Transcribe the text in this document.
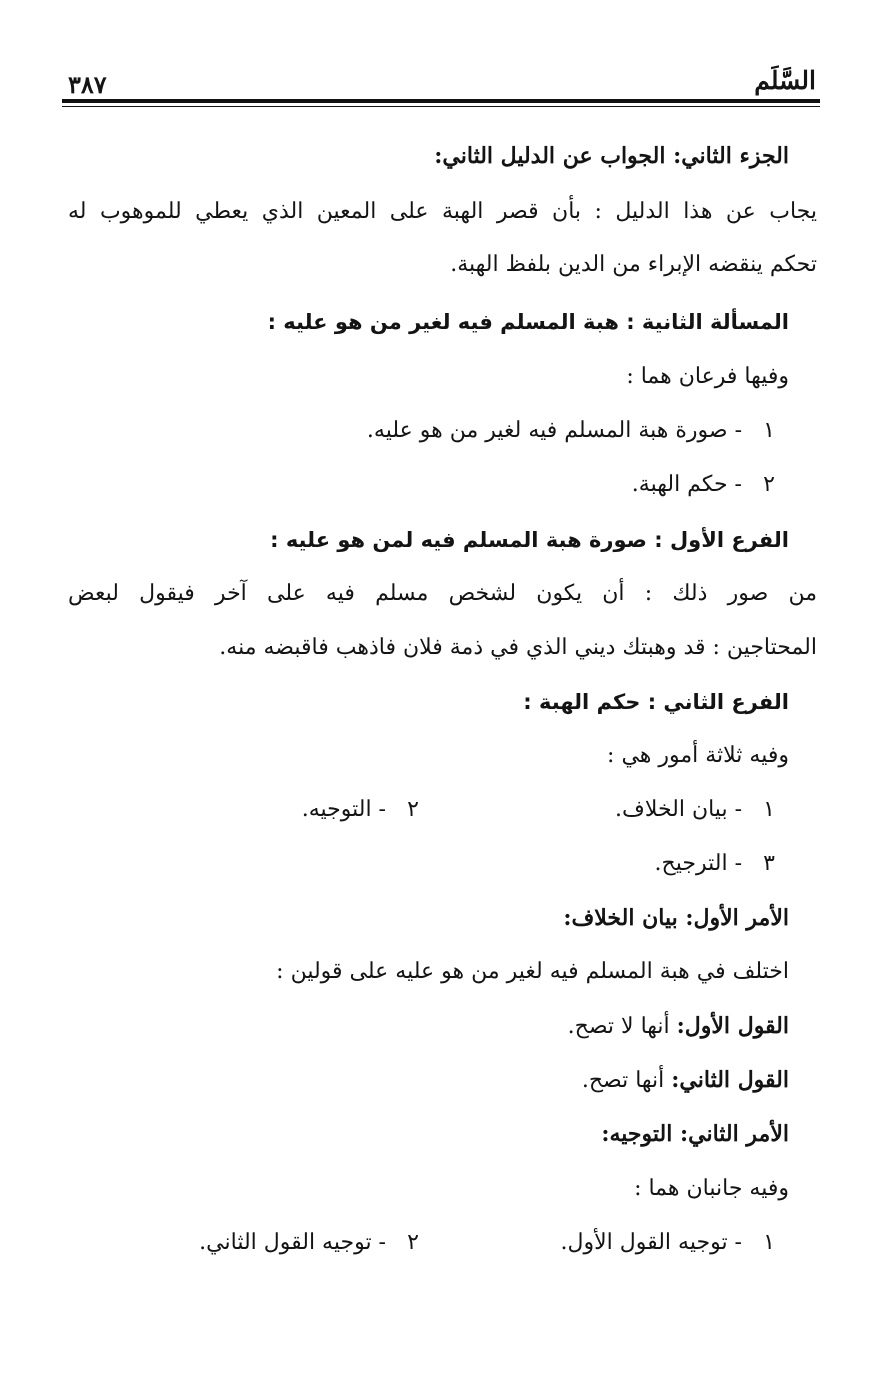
السَّلَم
٣٨٧
الجزء الثاني: الجواب عن الدليل الثاني:
يجاب عن هذا الدليل : بأن قصر الهبة على المعين الذي يعطي للموهوب له
تحكم ينقضه الإبراء من الدين بلفظ الهبة.
المسألة الثانية : هبة المسلم فيه لغير من هو عليه :
وفيها فرعان هما :
١ - صورة هبة المسلم فيه لغير من هو عليه.
٢ - حكم الهبة.
الفرع الأول : صورة هبة المسلم فيه لمن هو عليه :
من صور ذلك : أن يكون لشخص مسلم فيه على آخر فيقول لبعض
المحتاجين : قد وهبتك ديني الذي في ذمة فلان فاذهب فاقبضه منه.
الفرع الثاني : حكم الهبة :
وفيه ثلاثة أمور هي :
١ - بيان الخلاف.
٢ - التوجيه.
٣ - الترجيح.
الأمر الأول: بيان الخلاف:
اختلف في هبة المسلم فيه لغير من هو عليه على قولين :
القول الأول: أنها لا تصح.
القول الثاني: أنها تصح.
الأمر الثاني: التوجيه:
وفيه جانبان هما :
١ - توجيه القول الأول.
٢ - توجيه القول الثاني.
